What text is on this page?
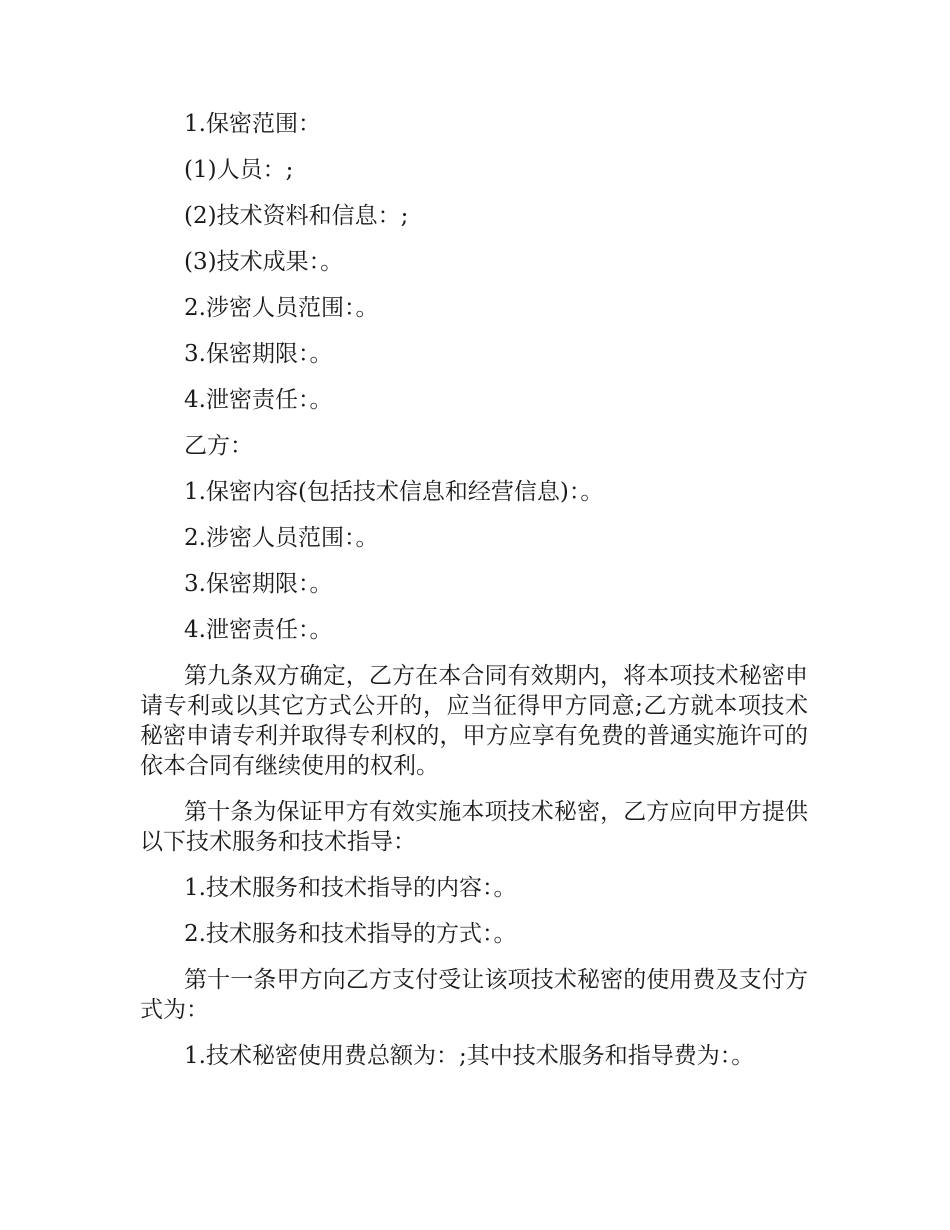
1.保密范围：

(1)人员：;

(2)技术资料和信息：;

(3)技术成果：。

2.涉密人员范围：。

3.保密期限：。

4.泄密责任：。

乙方：

1.保密内容(包括技术信息和经营信息)：。

2.涉密人员范围：。

3.保密期限：。

4.泄密责任：。

第九条双方确定，乙方在本合同有效期内，将本项技术秘密申请专利或以其它方式公开的，应当征得甲方同意;乙方就本项技术秘密申请专利并取得专利权的，甲方应享有免费的普通实施许可的依本合同有继续使用的权利。

第十条为保证甲方有效实施本项技术秘密，乙方应向甲方提供以下技术服务和技术指导：

1.技术服务和技术指导的内容：。

2.技术服务和技术指导的方式：。

第十一条甲方向乙方支付受让该项技术秘密的使用费及支付方式为：

1.技术秘密使用费总额为：;其中技术服务和指导费为：。
